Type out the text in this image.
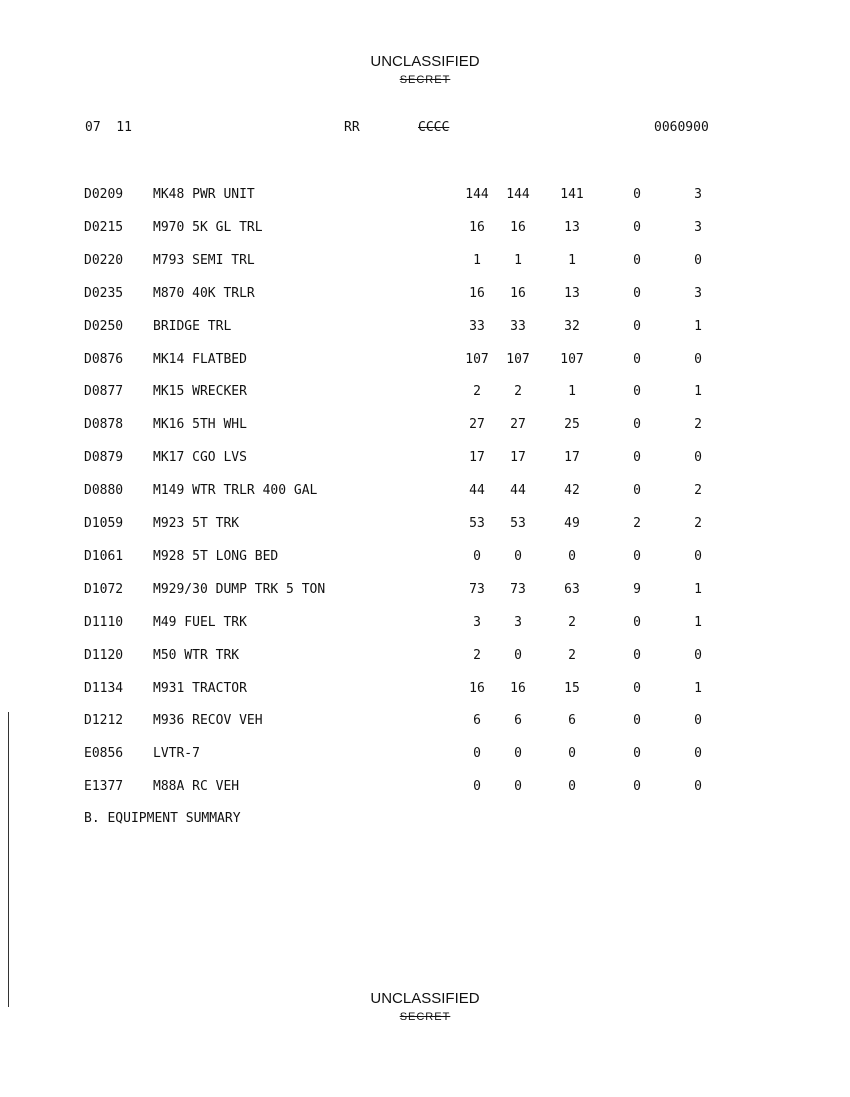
UNCLASSIFIED
SECRET
07  11	RR	CCCC	0060900
D0209 MK48 PWR UNIT	144	144	141	0	3
D0215 M970 5K GL TRL	16	16	13	0	3
D0220 M793 SEMI TRL	1	1	1	0	0
D0235 M870 40K TRLR	16	16	13	0	3
D0250 BRIDGE TRL	33	33	32	0	1
D0876 MK14 FLATBED	107	107	107	0	0
D0877 MK15 WRECKER	2	2	1	0	1
D0878 MK16 5TH WHL	27	27	25	0	2
D0879 MK17 CGO LVS	17	17	17	0	0
D0880 M149 WTR TRLR 400 GAL	44	44	42	0	2
D1059 M923 5T TRK	53	53	49	2	2
D1061 M928 5T LONG BED	0	0	0	0	0
D1072 M929/30 DUMP TRK 5 TON	73	73	63	9	1
D1110 M49 FUEL TRK	3	3	2	0	1
D1120 M50 WTR TRK	2	0	2	0	0
D1134 M931 TRACTOR	16	16	15	0	1
D1212 M936 RECOV VEH	6	6	6	0	0
E0856 LVTR-7	0	0	0	0	0
E1377 M88A RC VEH	0	0	0	0	0
B. EQUIPMENT SUMMARY
UNCLASSIFIED
SECRET
